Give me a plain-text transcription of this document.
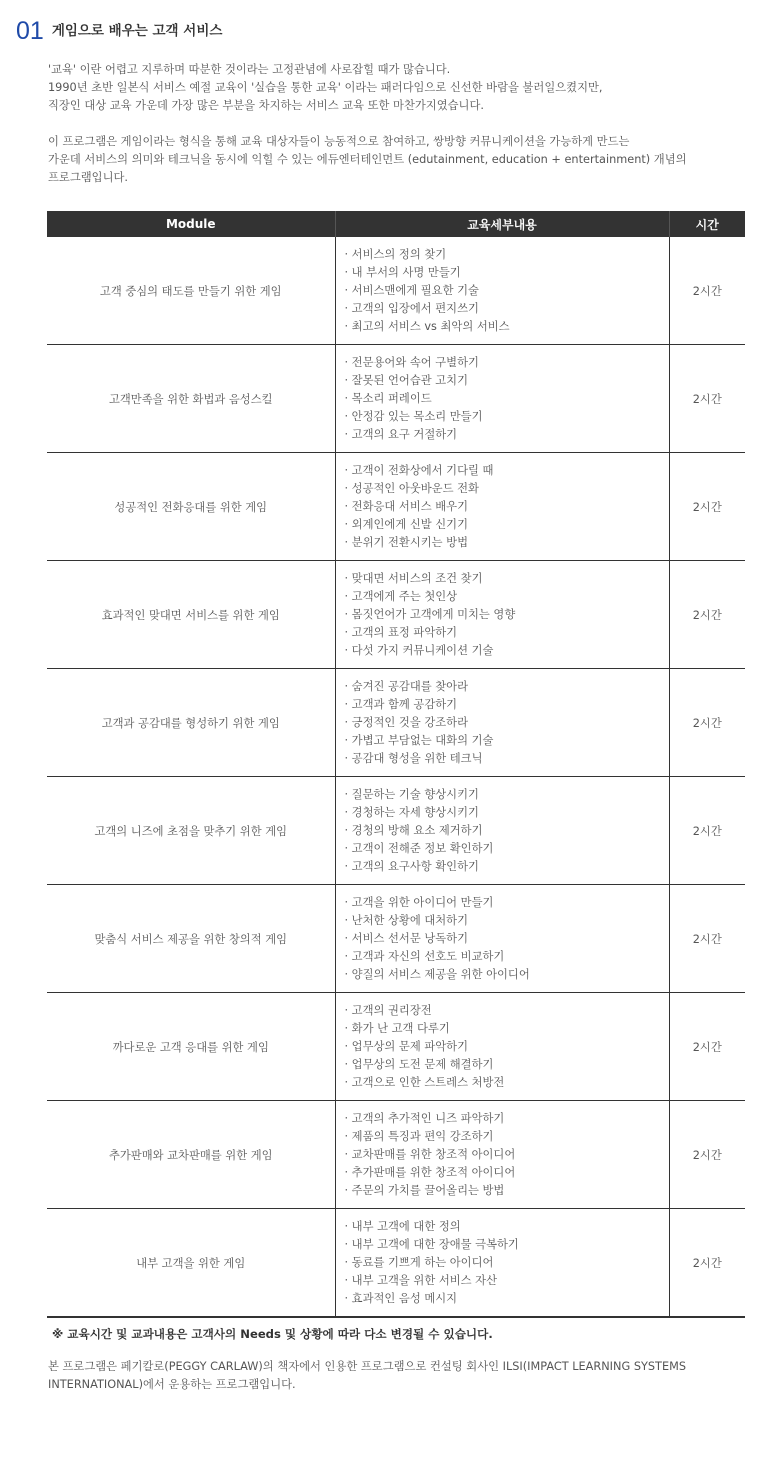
01 게임으로 배우는 고객 서비스

'교육' 이란 어렵고 지루하며 따분한 것이라는 고정관념에 사로잡힐 때가 많습니다.

1990년 초반 일본식 서비스 예절 교육이 '실습을 통한 교육' 이라는 패러다임으로 신선한 바람을 불러일으켰지만,

직장인 대상 교육 가운데 가장 많은 부분을 차지하는 서비스 교육 또한 마찬가지였습니다.

이 프로그램은 게임이라는 형식을 통해 교육 대상자들이 능동적으로 참여하고, 쌍방향 커뮤니케이션을 가능하게 만드는

가운데 서비스의 의미와 테크닉을 동시에 익힐 수 있는 에듀엔터테인먼트 (edutainment, education + entertainment) 개념의

프로그램입니다.

Module	교육세부내용	시간
고객 중심의 태도를 만들기 위한 게임	· 서비스의 정의 찾기
· 내 부서의 사명 만들기
· 서비스맨에게 필요한 기술
· 고객의 입장에서 편지쓰기
· 최고의 서비스 vs 최악의 서비스	2시간
고객만족을 위한 화법과 음성스킬	· 전문용어와 속어 구별하기
· 잘못된 언어습관 고치기
· 목소리 퍼레이드
· 안정감 있는 목소리 만들기
· 고객의 요구 거절하기	2시간
성공적인 전화응대를 위한 게임	· 고객이 전화상에서 기다릴 때
· 성공적인 아웃바운드 전화
· 전화응대 서비스 배우기
· 외계인에게 신발 신기기
· 분위기 전환시키는 방법	2시간
효과적인 맞대면 서비스를 위한 게임	· 맞대면 서비스의 조건 찾기
· 고객에게 주는 첫인상
· 몸짓언어가 고객에게 미치는 영향
· 고객의 표정 파악하기
· 다섯 가지 커뮤니케이션 기술	2시간
고객과 공감대를 형성하기 위한 게임	· 숨겨진 공감대를 찾아라
· 고객과 함께 공감하기
· 긍정적인 것을 강조하라
· 가볍고 부담없는 대화의 기술
· 공감대 형성을 위한 테크닉	2시간
고객의 니즈에 초점을 맞추기 위한 게임	· 질문하는 기술 향상시키기
· 경청하는 자세 향상시키기
· 경청의 방해 요소 제거하기
· 고객이 전해준 정보 확인하기
· 고객의 요구사항 확인하기	2시간
맞춤식 서비스 제공을 위한 창의적 게임	· 고객을 위한 아이디어 만들기
· 난처한 상황에 대처하기
· 서비스 선서문 낭독하기
· 고객과 자신의 선호도 비교하기
· 양질의 서비스 제공을 위한 아이디어	2시간
까다로운 고객 응대를 위한 게임	· 고객의 권리장전
· 화가 난 고객 다루기
· 업무상의 문제 파악하기
· 업무상의 도전 문제 해결하기
· 고객으로 인한 스트레스 처방전	2시간
추가판매와 교차판매를 위한 게임	· 고객의 추가적인 니즈 파악하기
· 제품의 특징과 편익 강조하기
· 교차판매를 위한 창조적 아이디어
· 추가판매를 위한 창조적 아이디어
· 주문의 가치를 끌어올리는 방법	2시간
내부 고객을 위한 게임	· 내부 고객에 대한 정의
· 내부 고객에 대한 장애물 극복하기
· 동료를 기쁘게 하는 아이디어
· 내부 고객을 위한 서비스 자산
· 효과적인 음성 메시지	2시간
※ 교육시간 및 교과내용은 고객사의 Needs 및 상황에 따라 다소 변경될 수 있습니다.

본 프로그램은 페기칼로(PEGGY CARLAW)의 책자에서 인용한 프로그램으로 컨설팅 회사인 ILSI(IMPACT LEARNING SYSTEMS

INTERNATIONAL)에서 운용하는 프로그램입니다.
